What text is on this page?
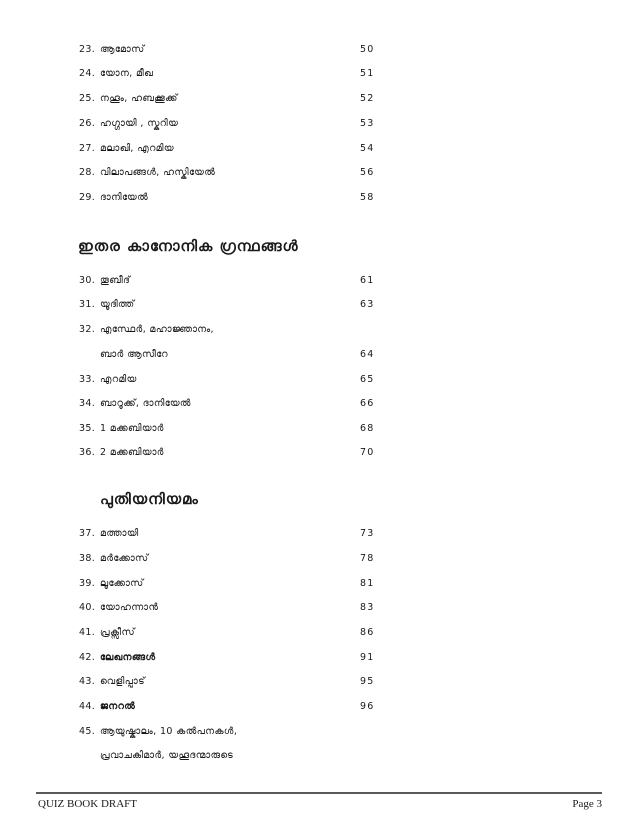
23. ആമോസ്	50
24. യോന, മീഖ	51
25. നഹൂം, ഹബക്കൂക്ക്	52
26. ഹഗ്ഗായി , സ്കറിയ	53
27. മലാഖി, എറമിയ	54
28. വിലാപങ്ങൾ, ഹസ്കിയേൽ	56
29. ദാനിയേൽ	58
ഇതര കാനോനിക ഗ്രന്ഥങ്ങൾ
30. തൂബീദ്	61
31. യൂദിത്ത്	63
32. എസ്ഥേർ, മഹാജ്ഞാനം,
ബാർ ആസീറേ	64
33. എറമിയ	65
34. ബാറൂക്ക്, ദാനിയേൽ	66
35. 1 മക്കബിയാർ	68
36. 2 മക്കബിയാർ	70
പുതിയനിയമം
37. മത്തായി	73
38. മർക്കോസ്	78
39. ലൂക്കോസ്	81
40. യോഹന്നാൻ	83
41. പ്രക്സീസ്	86
42. ലേഖനങ്ങൾ	91
43. വെളിപ്പാട്	95
44. ജനറൽ	96
45. ആയുഷ്കാലം, 10 കൽപനകൾ,
പ്രവാചകിമാർ, യഹൂദന്മാരുടെ
QUIZ BOOK DRAFT	Page 3
